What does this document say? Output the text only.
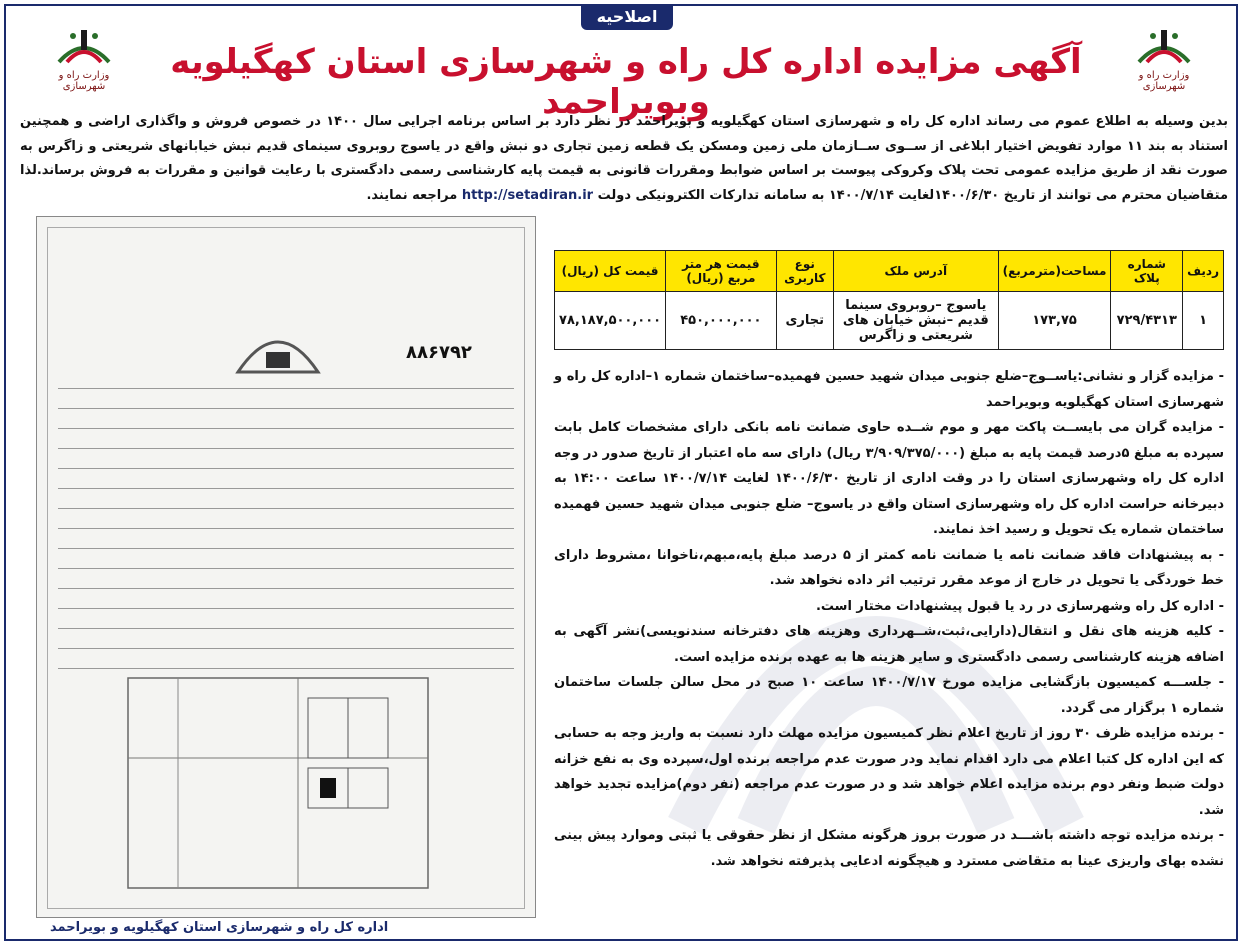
اصلاحیه
وزارت راه و شهرسازی
وزارت راه و شهرسازی
آگهی مزایده اداره کل راه و شهرسازی استان کهگیلویه وبویراحمد
بدین وسیله به اطلاع عموم می رساند اداره کل راه و شهرسازی استان کهگیلویه و بویراحمد در نظر دارد بر اساس برنامه اجرایی سال ۱۴۰۰ در خصوص فروش و واگذاری اراضی و همچنین استناد به بند ۱۱ موارد تفویض اختیار ابلاغی از ســوی ســازمان ملی زمین ومسکن یک قطعه زمین تجاری دو نبش واقع در یاسوج روبروی سینمای قدیم نبش خیابانهای شریعتی و زاگرس به صورت نقد از طریق مزایده عمومی تحت پلاک وکروکی پیوست بر اساس ضوابط ومقررات قانونی به قیمت پایه کارشناسی رسمی دادگستری با رعایت قوانین و مقررات به فروش برساند.لذا متقاضیان محترم می توانند از تاریخ ۱۴۰۰/۶/۳۰لغایت ۱۴۰۰/۷/۱۴ به سامانه تدارکات الکترونیکی دولت http://setadiran.ir مراجعه نمایند.
۸۸۶۷۹۲
ردیف	شماره پلاک	مساحت(مترمربع)	آدرس ملک	نوع کاربری	قیمت هر متر مربع (ریال)	قیمت کل (ریال)
۱	۷۲۹/۴۳۱۳	۱۷۳,۷۵	یاسوج –روبروی سینما قدیم –نبش خیابان های شریعتی و زاگرس	تجاری	۴۵۰,۰۰۰,۰۰۰	۷۸,۱۸۷,۵۰۰,۰۰۰

- مزایده گزار و نشانی:یاســوج–ضلع جنوبی میدان شهید حسین فهمیده–ساختمان شماره ۱–اداره کل راه و شهرسازی استان کهگیلویه وبویراحمد

- مزایده گران می بایســت پاکت مهر و موم شــده حاوی ضمانت نامه بانکی دارای مشخصات کامل بابت سپرده به مبلغ ۵درصد قیمت پایه به مبلغ (۳/۹۰۹/۳۷۵/۰۰۰ ریال) دارای سه ماه اعتبار از تاریخ صدور در وجه اداره کل راه وشهرسازی استان را در وقت اداری از تاریخ ۱۴۰۰/۶/۳۰ لغایت ۱۴۰۰/۷/۱۴ ساعت ۱۴:۰۰ به دبیرخانه حراست اداره کل راه وشهرسازی استان واقع در یاسوج– ضلع جنوبی میدان شهید حسین فهمیده ساختمان شماره یک تحویل و رسید اخذ نمایند.

- به پیشنهادات فاقد ضمانت نامه یا ضمانت نامه کمتر از ۵ درصد مبلغ پایه،مبهم،ناخوانا ،مشروط دارای خط خوردگی یا تحویل در خارج از موعد مقرر ترتیب اثر داده نخواهد شد.

- اداره کل راه وشهرسازی در رد یا قبول پیشنهادات مختار است.

- کلیه هزینه های نقل و انتقال(دارایی،ثبت،شــهرداری وهزینه های دفترخانه سندنویسی)نشر آگهی به اضافه هزینه کارشناسی رسمی دادگستری و سایر هزینه ها به عهده برنده مزایده است.

- جلســـه کمیسیون بازگشایی مزایده مورخ ۱۴۰۰/۷/۱۷ ساعت ۱۰ صبح در محل سالن جلسات ساختمان شماره ۱ برگزار می گردد.

- برنده مزایده ظرف ۳۰ روز از تاریخ اعلام نظر کمیسیون مزایده مهلت دارد نسبت به واریز وجه به حسابی که این اداره کل کتبا اعلام می دارد اقدام نماید ودر صورت عدم مراجعه برنده اول،سپرده وی به نفع خزانه دولت ضبط ونفر دوم برنده مزایده اعلام خواهد شد و در صورت عدم مراجعه (نفر دوم)مزایده تجدید خواهد شد.

- برنده مزایده توجه داشته باشـــد در صورت بروز هرگونه مشکل از نظر حقوقی یا ثبتی وموارد پیش بینی نشده بهای واریزی عینا به متقاضی مسترد و هیچگونه ادعایی پذیرفته نخواهد شد.

اداره کل راه و شهرسازی استان کهگیلویه و بویراحمد
